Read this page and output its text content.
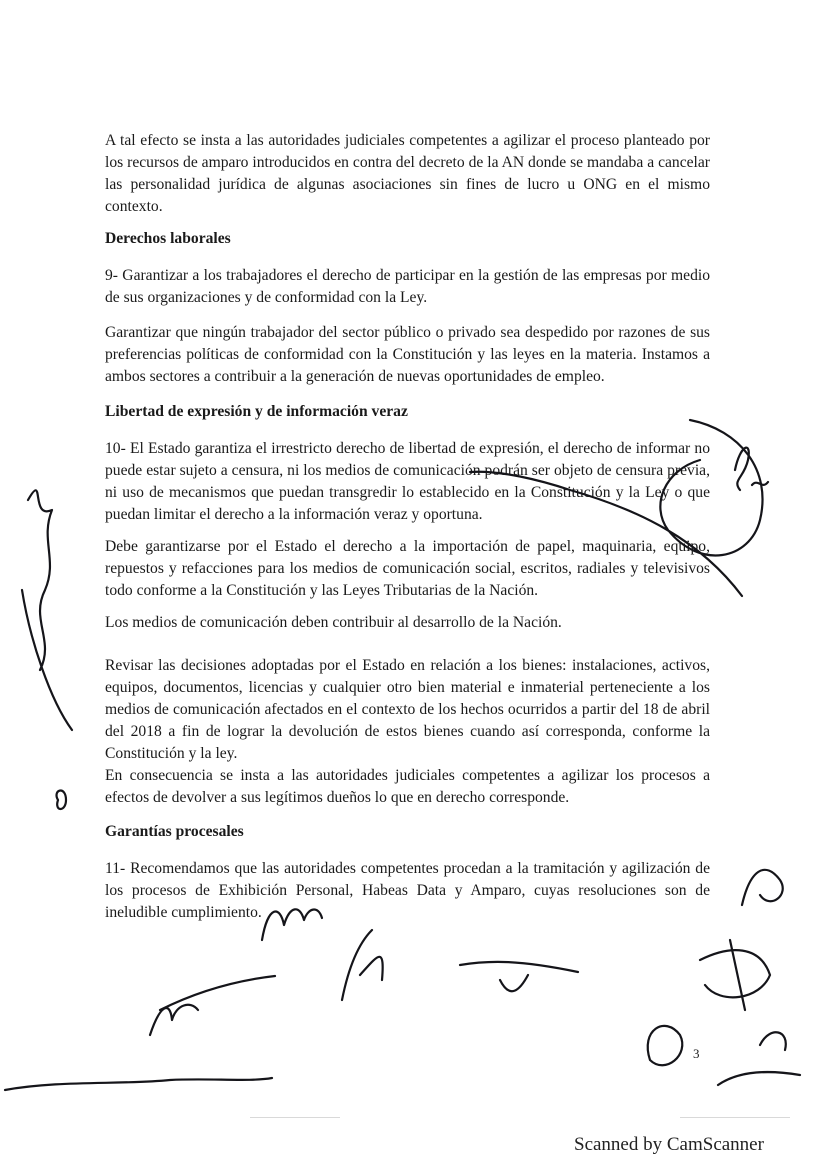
A tal efecto se insta a las autoridades judiciales competentes a agilizar el proceso planteado por los recursos de amparo introducidos en contra del decreto de la AN donde se mandaba a cancelar las personalidad jurídica de algunas asociaciones sin fines de lucro u ONG en el mismo contexto.

Derechos laborales

9- Garantizar a los trabajadores el derecho de participar en la gestión de las empresas por medio de sus organizaciones y de conformidad con la Ley.

Garantizar que ningún trabajador del sector público o privado sea despedido por razones de sus preferencias políticas de conformidad con la Constitución y las leyes en la materia. Instamos a ambos sectores a contribuir a la generación de nuevas oportunidades de empleo.

Libertad de expresión y de información veraz

10- El Estado garantiza el irrestricto derecho de libertad de expresión, el derecho de informar no puede estar sujeto a censura, ni los medios de comunicación podrán ser objeto de censura previa, ni uso de mecanismos que puedan transgredir lo establecido en la Constitución y la Ley o que puedan limitar el derecho a la información veraz y oportuna.

Debe garantizarse por el Estado el derecho a la importación de papel, maquinaria, equipo, repuestos y refacciones para los medios de comunicación social, escritos, radiales y televisivos todo conforme a la Constitución y las Leyes Tributarias de la Nación.

Los medios de comunicación deben contribuir al desarrollo de la Nación.

Revisar las decisiones adoptadas por el Estado en relación a los bienes: instalaciones, activos, equipos, documentos, licencias y cualquier otro bien material e inmaterial perteneciente a los medios de comunicación afectados en el contexto de los hechos ocurridos a partir del 18 de abril del 2018 a fin de lograr la devolución de estos bienes cuando así corresponda, conforme la Constitución y la ley.

En consecuencia se insta a las autoridades judiciales competentes a agilizar los procesos a efectos de devolver a sus legítimos dueños lo que en derecho corresponde.

Garantías procesales

11- Recomendamos que las autoridades competentes procedan a la tramitación y agilización de los procesos de Exhibición Personal, Habeas Data y Amparo, cuyas resoluciones son de ineludible cumplimiento.

3
Scanned by CamScanner
